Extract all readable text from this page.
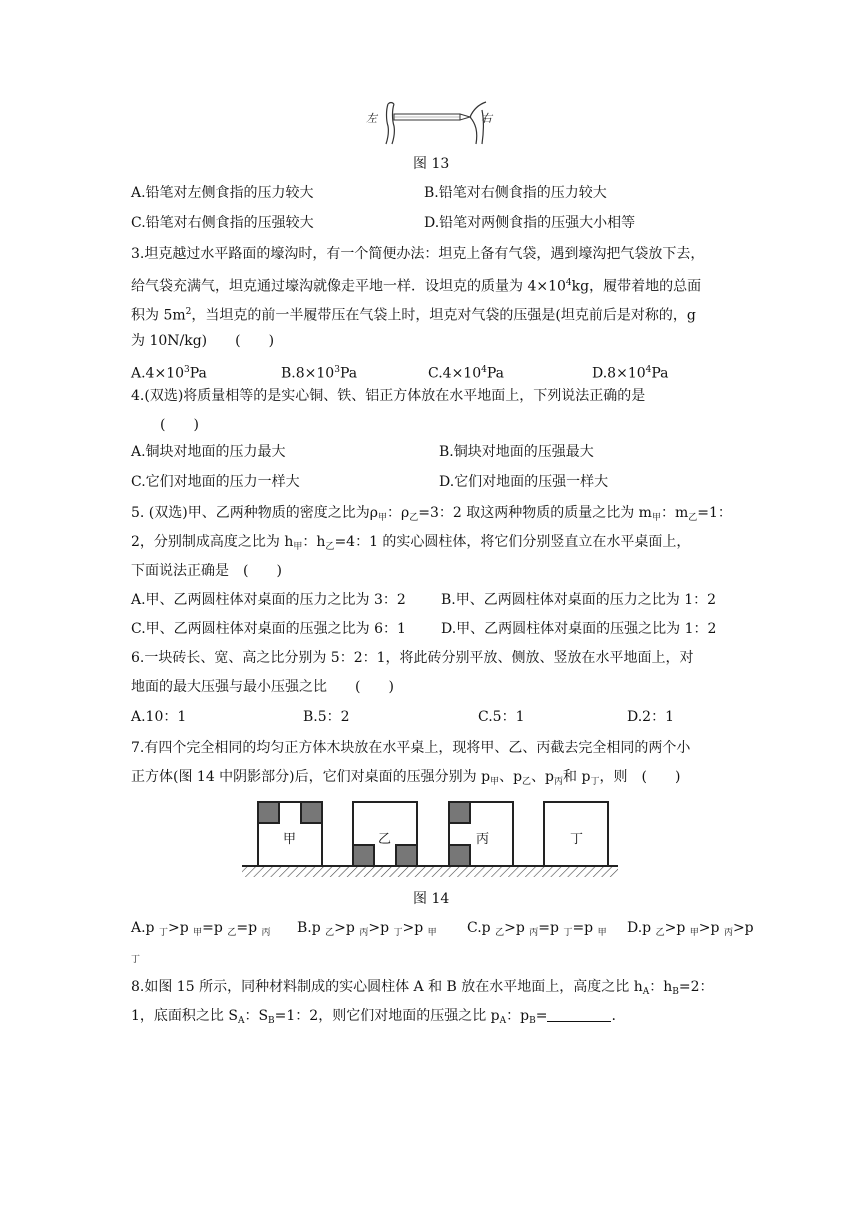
左	右
图 13
A.铅笔对左侧食指的压力较大	B.铅笔对右侧食指的压力较大
C.铅笔对右侧食指的压强较大	D.铅笔对两侧食指的压强大小相等
3.坦克越过水平路面的壕沟时，有一个简便办法：坦克上备有气袋，遇到壕沟把气袋放下去，
给气袋充满气，坦克通过壕沟就像走平地一样．设坦克的质量为 $4\times 10^4kg$，履带着地的总面
积为 $5m^2$，当坦克的前一半履带压在气袋上时，坦克对气袋的压强是(坦克前后是对称的，g
为 10N/kg)　　(　　)
$A.4\times 10^3Pa$	$B.8\times 10^3Pa$	$C.4\times 10^4Pa$	$D.8\times 10^4Pa$
4.(双选)将质量相等的是实心铜、铁、铝正方体放在水平地面上，下列说法正确的是
(　　)
A.铜块对地面的压力最大	B.铜块对地面的压强最大
C.它们对地面的压力一样大	D.它们对地面的压强一样大
5. (双选)甲、乙两种物质的密度之比为$\rho_甲$：$\rho_乙=3$：2 取这两种物质的质量之比为 $m_甲$：$m_乙=1$：
2，分别制成高度之比为 $h_甲$：$h_乙=4$：1 的实心圆柱体，将它们分别竖直立在水平桌面上，
下面说法正确是　(　　)
A.甲、乙两圆柱体对桌面的压力之比为 3：2	B.甲、乙两圆柱体对桌面的压力之比为 1：2
C.甲、乙两圆柱体对桌面的压强之比为 6：1	D.甲、乙两圆柱体对桌面的压强之比为 1：2
6.一块砖长、宽、高之比分别为 5：2：1，将此砖分别平放、侧放、竖放在水平地面上，对
地面的最大压强与最小压强之比　　(　　)
A.10：1	B.5：2	C.5：1	D.2：1
7.有四个完全相同的均匀正方体木块放在水平桌上，现将甲、乙、丙截去完全相同的两个小
正方体(图 14 中阴影部分)后，它们对桌面的压强分别为 $p_甲$、$p_乙$、$p_丙$和 $p_丁$，则　(　　)
甲	乙	丙	丁
图 14
A.p $_丁$>p $_甲$=p $_乙$=p $_丙$ B.p $_乙$>p $_丙$>p $_丁$>p $_甲$ C.p $_乙$>p $_丙$=p $_丁$=p $_甲$ D.p $_乙$>p $_甲$>p $_丙$>p
丁
8.如图 15 所示，同种材料制成的实心圆柱体 A 和 B 放在水平地面上，高度之比 $h_A$：$h_B=2$：
1，底面积之比 $S_A$：$S_B=1$：2，则它们对地面的压强之比 $p_A$：$p_B=$	.
